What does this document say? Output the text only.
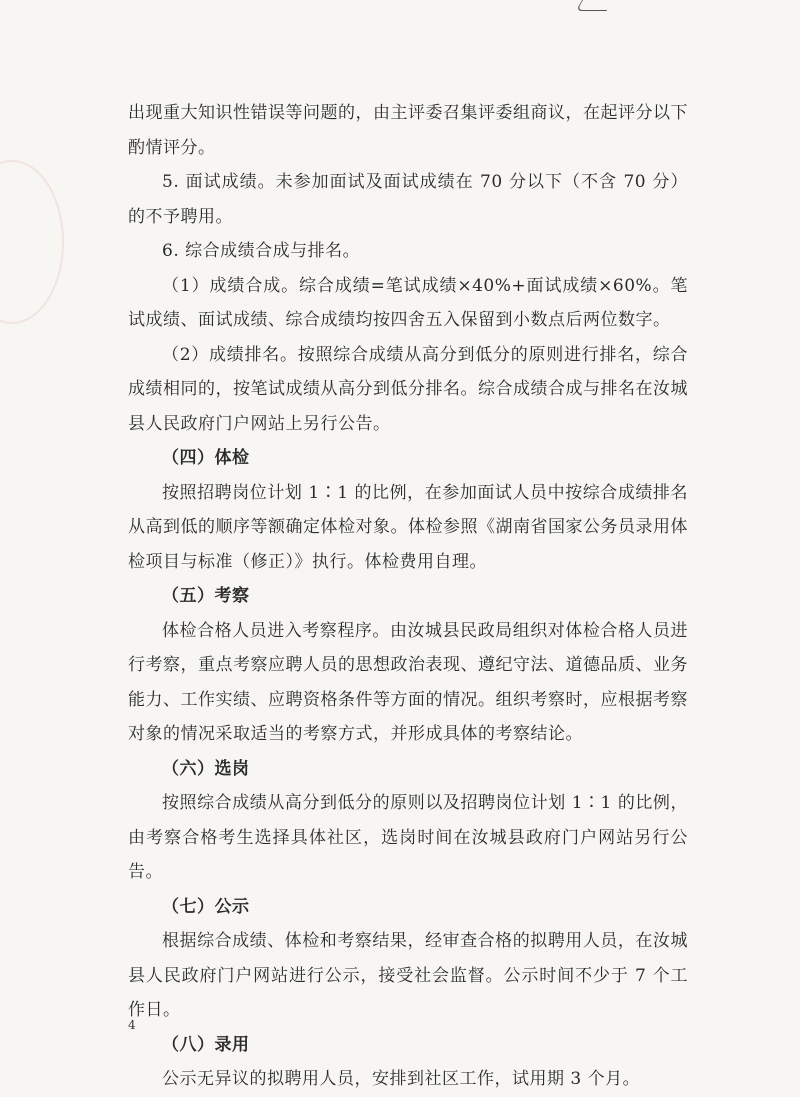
出现重大知识性错误等问题的，由主评委召集评委组商议，在起评分以下酌情评分。

5. 面试成绩。未参加面试及面试成绩在 70 分以下（不含 70 分）的不予聘用。

6. 综合成绩合成与排名。

（1）成绩合成。综合成绩=笔试成绩×40%+面试成绩×60%。笔试成绩、面试成绩、综合成绩均按四舍五入保留到小数点后两位数字。

（2）成绩排名。按照综合成绩从高分到低分的原则进行排名，综合成绩相同的，按笔试成绩从高分到低分排名。综合成绩合成与排名在汝城县人民政府门户网站上另行公告。

（四）体检

按照招聘岗位计划 1∶1 的比例，在参加面试人员中按综合成绩排名从高到低的顺序等额确定体检对象。体检参照《湖南省国家公务员录用体检项目与标准（修正）》执行。体检费用自理。

（五）考察

体检合格人员进入考察程序。由汝城县民政局组织对体检合格人员进行考察，重点考察应聘人员的思想政治表现、遵纪守法、道德品质、业务能力、工作实绩、应聘资格条件等方面的情况。组织考察时，应根据考察对象的情况采取适当的考察方式，并形成具体的考察结论。

（六）选岗

按照综合成绩从高分到低分的原则以及招聘岗位计划 1∶1 的比例，由考察合格考生选择具体社区，选岗时间在汝城县政府门户网站另行公告。

（七）公示

根据综合成绩、体检和考察结果，经审查合格的拟聘用人员，在汝城县人民政府门户网站进行公示，接受社会监督。公示时间不少于 7 个工作日。

（八）录用

公示无异议的拟聘用人员，安排到社区工作，试用期 3 个月。

4
